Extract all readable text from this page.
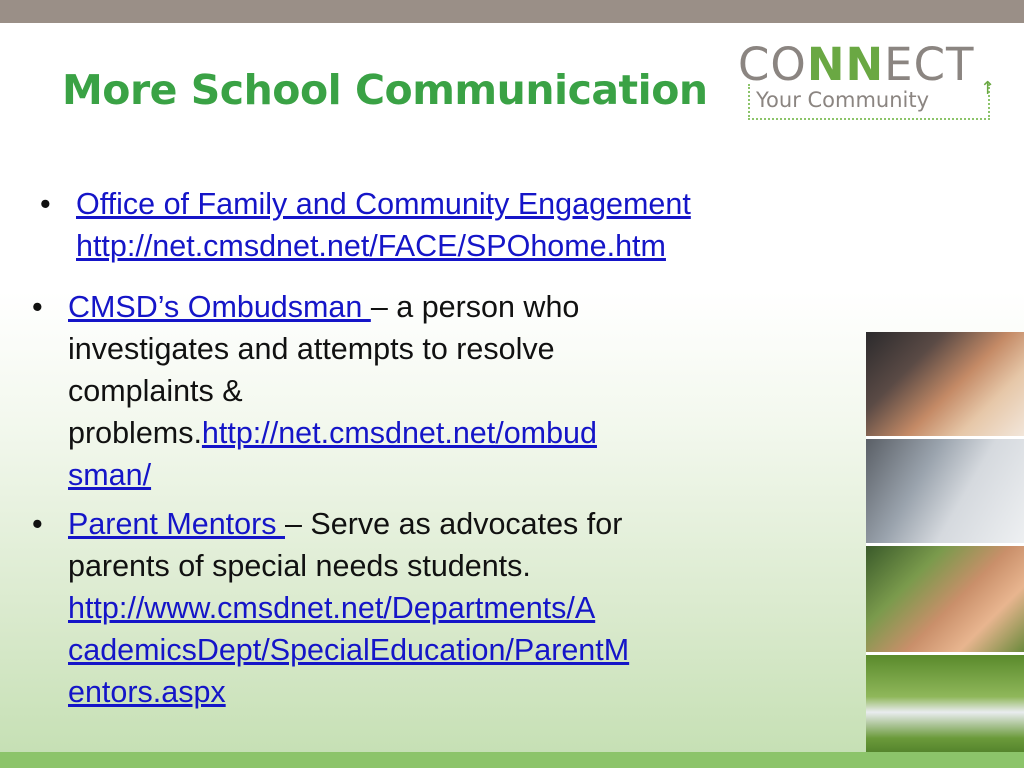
More School Communication CONNECT
Your Community	↑
• Office of Family and Community Engagement
http://net.cmsdnet.net/FACE/SPOhome.htm
• CMSD’s Ombudsman – a person who
investigates and attempts to resolve
complaints &
problems.http://net.cmsdnet.net/ombud
sman/
• Parent Mentors – Serve as advocates for
parents of special needs students.
http://www.cmsdnet.net/Departments/A
cademicsDept/SpecialEducation/ParentM
entors.aspx
